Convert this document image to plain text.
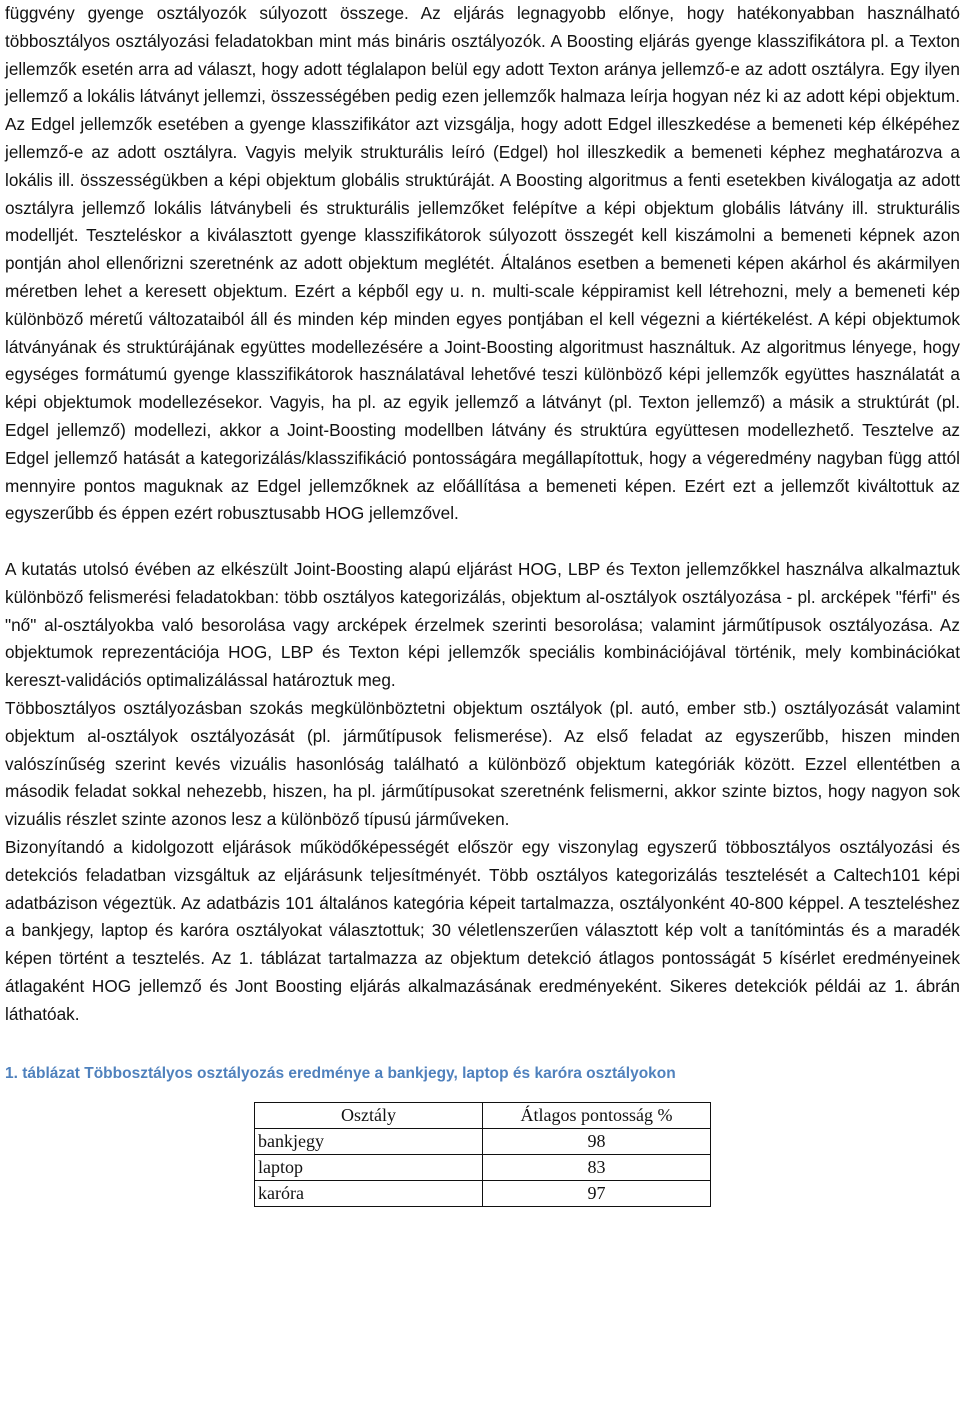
függvény gyenge osztályozók súlyozott összege. Az eljárás legnagyobb előnye, hogy hatékonyabban használható többosztályos osztályozási feladatokban mint más bináris osztályozók. A Boosting eljárás gyenge klasszifikátora pl. a Texton jellemzők esetén arra ad választ, hogy adott téglalapon belül egy adott Texton aránya jellemző-e az adott osztályra. Egy ilyen jellemző a lokális látványt jellemzi, összességében pedig ezen jellemzők halmaza leírja hogyan néz ki az adott képi objektum. Az Edgel jellemzők esetében a gyenge klasszifikátor azt vizsgálja, hogy adott Edgel illeszkedése a bemeneti kép élképéhez jellemző-e az adott osztályra. Vagyis melyik strukturális leíró (Edgel) hol illeszkedik a bemeneti képhez meghatározva a lokális ill. összességükben a képi objektum globális struktúráját. A Boosting algoritmus a fenti esetekben kiválogatja az adott osztályra jellemző lokális látványbeli és strukturális jellemzőket felépítve a képi objektum globális látvány ill. strukturális modelljét. Teszteléskor a kiválasztott gyenge klasszifikátorok súlyozott összegét kell kiszámolni a bemeneti képnek azon pontján ahol ellenőrizni szeretnénk az adott objektum meglétét. Általános esetben a bemeneti képen akárhol és akármilyen méretben lehet a keresett objektum. Ezért a képből egy u. n. multi-scale képpiramist kell létrehozni, mely a bemeneti kép különböző méretű változataiból áll és minden kép minden egyes pontjában el kell végezni a kiértékelést. A képi objektumok látványának és struktúrájának együttes modellezésére a Joint-Boosting algoritmust használtuk. Az algoritmus lényege, hogy egységes formátumú gyenge klasszifikátorok használatával lehetővé teszi különböző képi jellemzők együttes használatát a képi objektumok modellezésekor. Vagyis, ha pl. az egyik jellemző a látványt (pl. Texton jellemző) a másik a struktúrát (pl. Edgel jellemző) modellezi, akkor a Joint-Boosting modellben látvány és struktúra együttesen modellezhető. Tesztelve az Edgel jellemző hatását a kategorizálás/klasszifikáció pontosságára megállapítottuk, hogy a végeredmény nagyban függ attól mennyire pontos maguknak az Edgel jellemzőknek az előállítása a bemeneti képen. Ezért ezt a jellemzőt kiváltottuk az egyszerűbb és éppen ezért robusztusabb HOG jellemzővel.

A kutatás utolsó évében az elkészült Joint-Boosting alapú eljárást HOG, LBP és Texton jellemzőkkel használva alkalmaztuk különböző felismerési feladatokban: több osztályos kategorizálás, objektum al-osztályok osztályozása - pl. arcképek "férfi" és "nő" al-osztályokba való besorolása vagy arcképek érzelmek szerinti besorolása; valamint járműtípusok osztályozása. Az objektumok reprezentációja HOG, LBP és Texton képi jellemzők speciális kombinációjával történik, mely kombinációkat kereszt-validációs optimalizálással határoztuk meg.

Többosztályos osztályozásban szokás megkülönböztetni objektum osztályok (pl. autó, ember stb.) osztályozását valamint objektum al-osztályok osztályozását (pl. járműtípusok felismerése). Az első feladat az egyszerűbb, hiszen minden valószínűség szerint kevés vizuális hasonlóság található a különböző objektum kategóriák között. Ezzel ellentétben a második feladat sokkal nehezebb, hiszen, ha pl. járműtípusokat szeretnénk felismerni, akkor szinte biztos, hogy nagyon sok vizuális részlet szinte azonos lesz a különböző típusú járműveken.

Bizonyítandó a kidolgozott eljárások működőképességét először egy viszonylag egyszerű többosztályos osztályozási és detekciós feladatban vizsgáltuk az eljárásunk teljesítményét. Több osztályos kategorizálás tesztelését a Caltech101 képi adatbázison végeztük. Az adatbázis 101 általános kategória képeit tartalmazza, osztályonként 40-800 képpel. A teszteléshez a bankjegy, laptop és karóra osztályokat választottuk; 30 véletlenszerűen választott kép volt a tanítómintás és a maradék képen történt a tesztelés. Az 1. táblázat tartalmazza az objektum detekció átlagos pontosságát 5 kísérlet eredményeinek átlagaként HOG jellemző és Jont Boosting eljárás alkalmazásának eredményeként. Sikeres detekciók példái az 1. ábrán láthatóak.

1. táblázat Többosztályos osztályozás eredménye a bankjegy, laptop és karóra osztályokon
Osztály	Átlagos pontosság %
bankjegy	98
laptop	83
karóra	97
